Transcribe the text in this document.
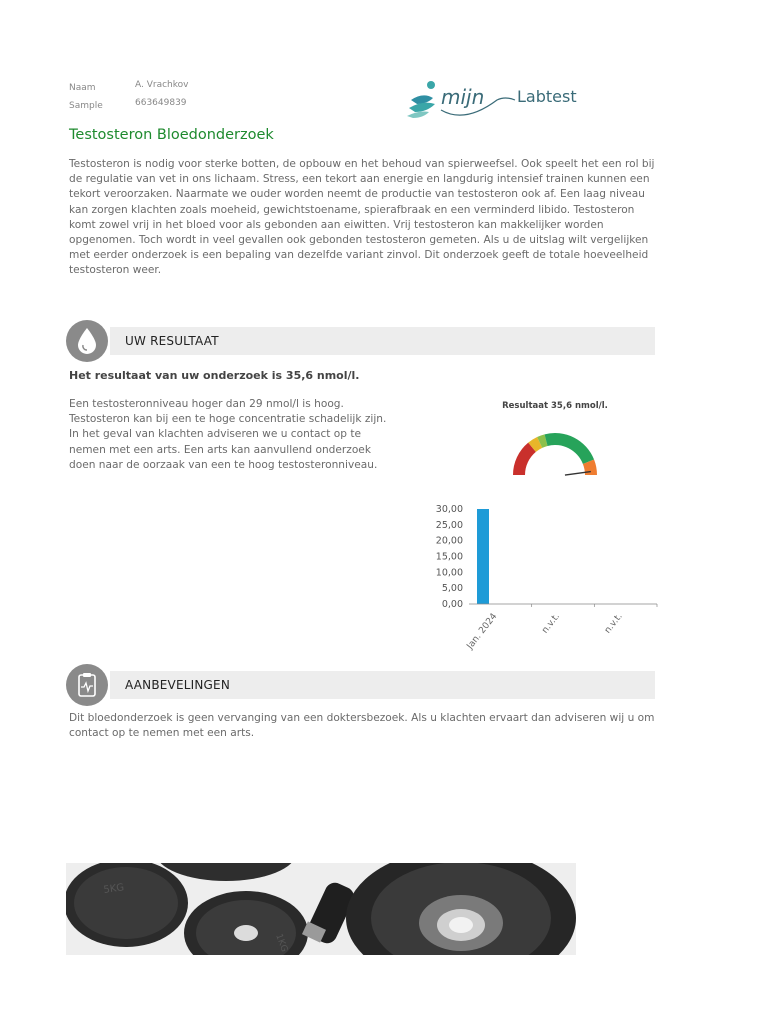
Naam	A. Vrachkov
Sample	663649839	mijn Labtest
Testosteron Bloedonderzoek
Testosteron is nodig voor sterke botten, de opbouw en het behoud van spierweefsel. Ook speelt het een rol bij de regulatie van vet in ons lichaam. Stress, een tekort aan energie en langdurig intensief trainen kunnen een tekort veroorzaken. Naarmate we ouder worden neemt de productie van testosteron ook af. Een laag niveau kan zorgen klachten zoals moeheid, gewichtstoename, spierafbraak en een verminderd libido. Testosteron komt zowel vrij in het bloed voor als gebonden aan eiwitten. Vrij testosteron kan makkelijker worden opgenomen. Toch wordt in veel gevallen ook gebonden testosteron gemeten. Als u de uitslag wilt vergelijken met eerder onderzoek is een bepaling van dezelfde variant zinvol. Dit onderzoek geeft de totale hoeveelheid testosteron weer.
UW RESULTAAT
Het resultaat van uw onderzoek is 35,6 nmol/l.
Een testosteronniveau hoger dan 29 nmol/l is hoog. Testosteron kan bij een te hoge concentratie schadelijk zijn. In het geval van klachten adviseren we u contact op te nemen met een arts. Een arts kan aanvullend onderzoek doen naar de oorzaak van een te hoog testosteronniveau.
Resultaat 35,6 nmol/l.
0,00
5,00
10,00
15,00
20,00
25,00
30,00
Jan. 2024	n.v.t.	n.v.t.
AANBEVELINGEN
Dit bloedonderzoek is geen vervanging van een doktersbezoek. Als u klachten ervaart dan adviseren wij u om contact op te nemen met een arts.
5KG
1KG
